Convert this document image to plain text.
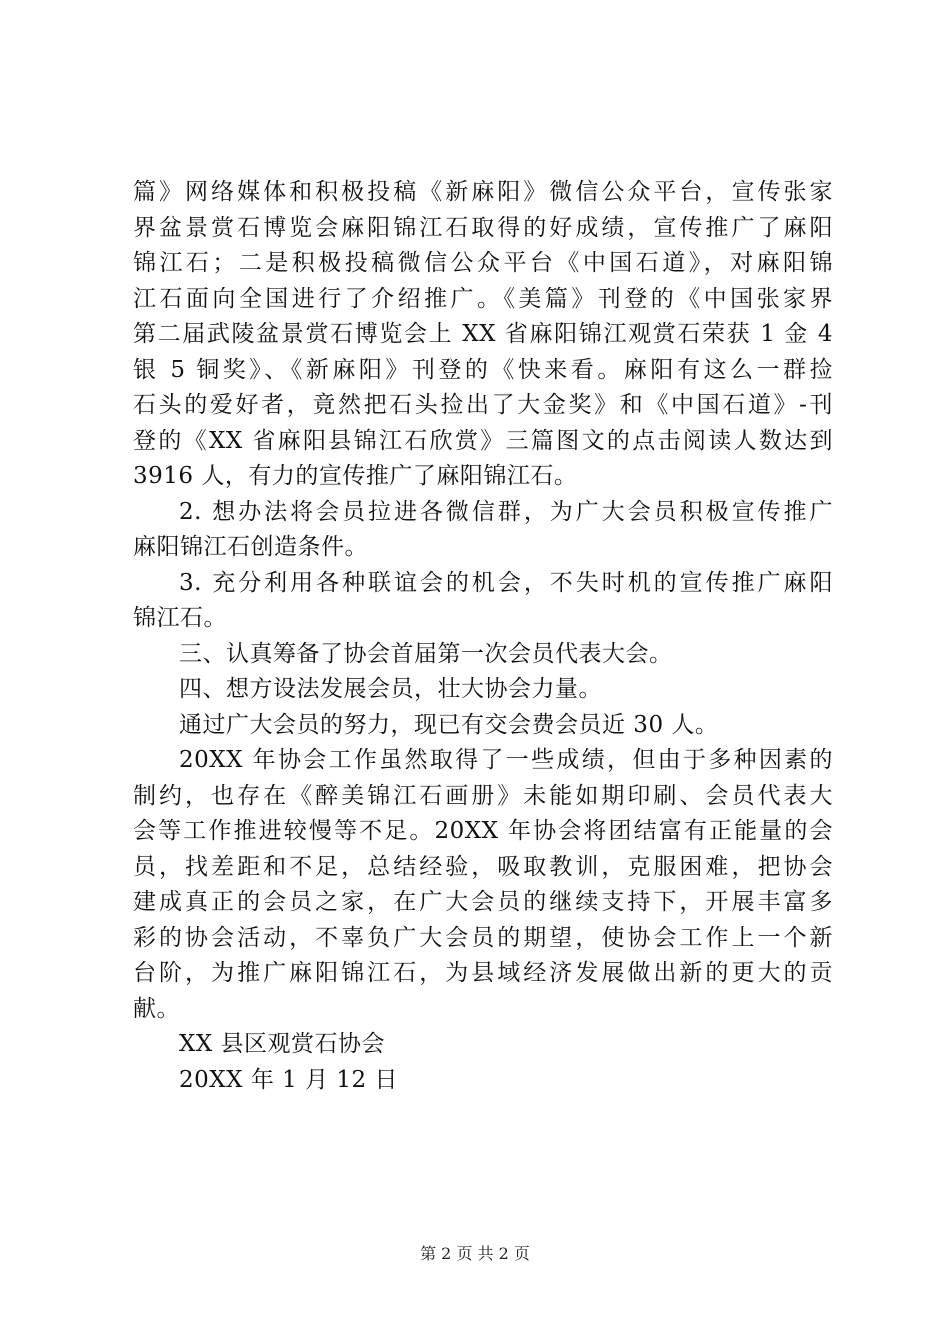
篇》网络媒体和积极投稿《新麻阳》微信公众平台，宣传张家
界盆景赏石博览会麻阳锦江石取得的好成绩，宣传推广了麻阳
锦江石；二是积极投稿微信公众平台《中国石道》，对麻阳锦
江石面向全国进行了介绍推广。《美篇》刊登的《中国张家界
第二届武陵盆景赏石博览会上 XX 省麻阳锦江观赏石荣获 1 金 4
银 5 铜奖》、《新麻阳》刊登的《快来看。麻阳有这么一群捡
石头的爱好者，竟然把石头捡出了大金奖》和《中国石道》-刊
登的《XX 省麻阳县锦江石欣赏》三篇图文的点击阅读人数达到
3916 人，有力的宣传推广了麻阳锦江石。
2. 想办法将会员拉进各微信群，为广大会员积极宣传推广
麻阳锦江石创造条件。
3. 充分利用各种联谊会的机会，不失时机的宣传推广麻阳
锦江石。
三、认真筹备了协会首届第一次会员代表大会。
四、想方设法发展会员，壮大协会力量。
通过广大会员的努力，现已有交会费会员近 30 人。
20XX 年协会工作虽然取得了一些成绩，但由于多种因素的
制约，也存在《醉美锦江石画册》未能如期印刷、会员代表大
会等工作推进较慢等不足。20XX 年协会将团结富有正能量的会
员，找差距和不足，总结经验，吸取教训，克服困难，把协会
建成真正的会员之家，在广大会员的继续支持下，开展丰富多
彩的协会活动，不辜负广大会员的期望，使协会工作上一个新
台阶，为推广麻阳锦江石，为县域经济发展做出新的更大的贡
献。
XX 县区观赏石协会
20XX 年 1 月 12 日
第 2 页 共 2 页
